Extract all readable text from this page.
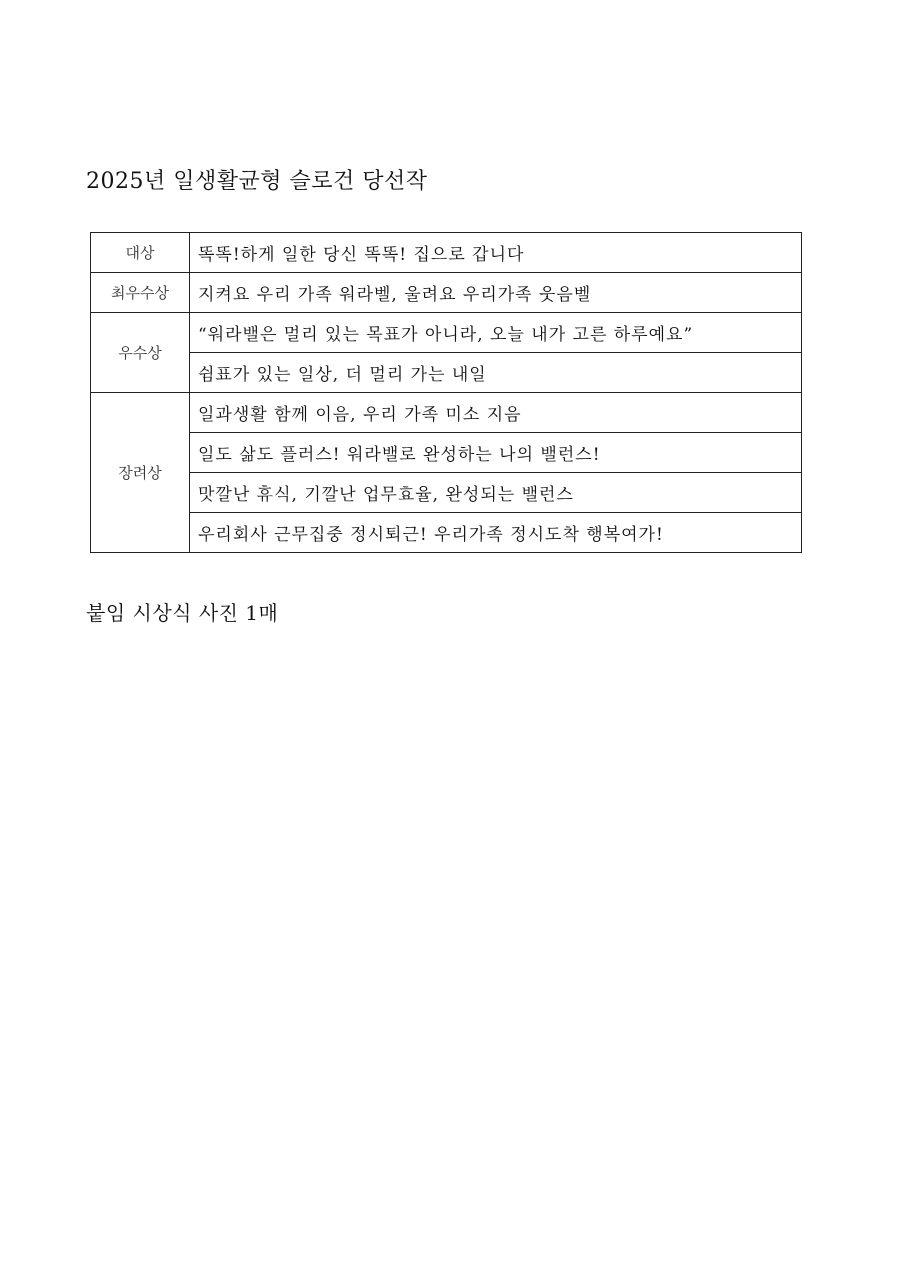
2025년 일생활균형 슬로건 당선작
대상	똑똑!하게 일한 당신 똑똑! 집으로 갑니다
최우수상	지켜요 우리 가족 워라벨, 울려요 우리가족 웃음벨
우수상	“워라밸은 멀리 있는 목표가 아니라, 오늘 내가 고른 하루예요”
	쉼표가 있는 일상, 더 멀리 가는 내일
장려상	일과생활 함께 이음, 우리 가족 미소 지음
	일도 삶도 플러스! 워라밸로 완성하는 나의 밸런스!
	맛깔난 휴식, 기깔난 업무효율, 완성되는 밸런스
	우리회사 근무집중 정시퇴근! 우리가족 정시도착 행복여가!
붙임 시상식 사진 1매
